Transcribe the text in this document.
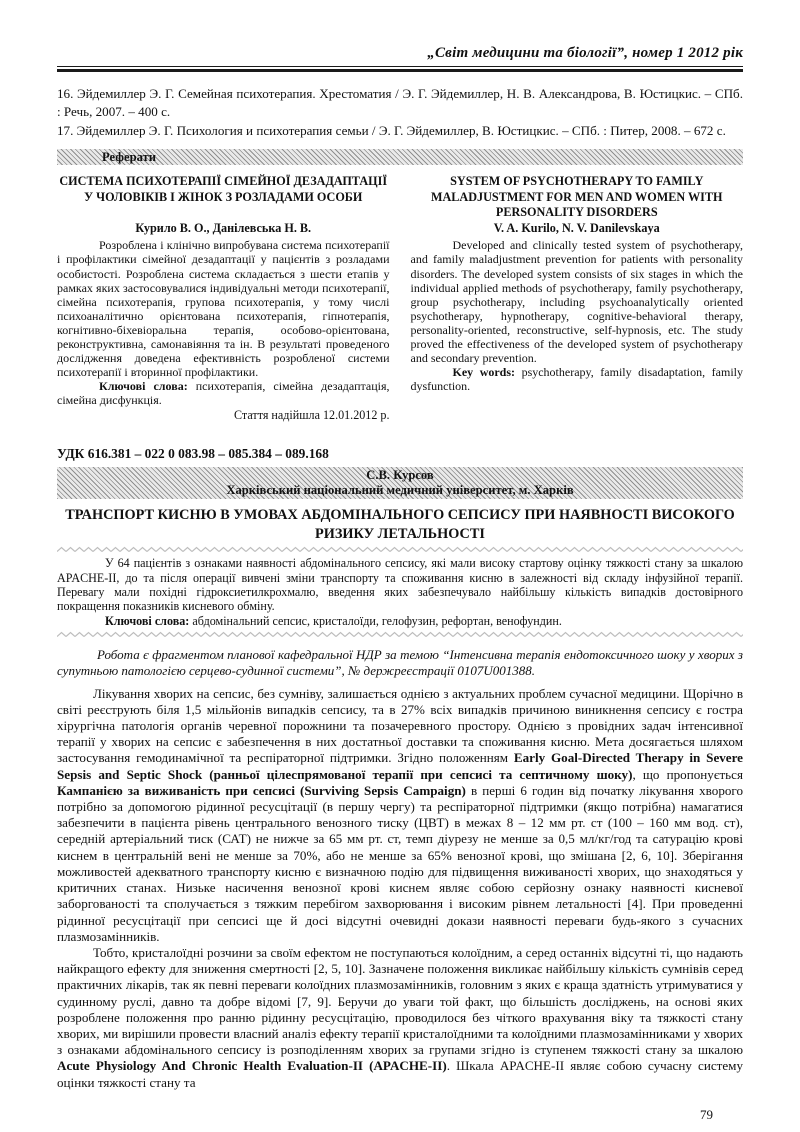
„Світ медицини та біології”, номер 1 2012 рік

16. Эйдемиллер Э. Г. Семейная психотерапия. Хрестоматия / Э. Г. Эйдемиллер, Н. В. Александрова, В. Юстицкис. – СПб. : Речь, 2007. – 400 с.

17. Эйдемиллер Э. Г. Психология и психотерапия семьи / Э. Г. Эйдемиллер, В. Юстицкис. – СПб. : Питер, 2008. – 672 с.

Реферати
СИСТЕМА ПСИХОТЕРАПІЇ СІМЕЙНОЇ ДЕЗАДАПТАЦІЇ У ЧОЛОВІКІВ І ЖІНОК З РОЗЛАДАМИ ОСОБИ
Курило В. О., Данілевська Н. В.

Розроблена і клінічно випробувана система психотерапії і профілактики сімейної дезадаптації у пацієнтів з розладами особистості. Розроблена система складається з шести етапів у рамках яких застосовувалися індивідуальні методи психотерапії, сімейна психотерапія, групова психотерапія, у тому числі психоаналітично орієнтована психотерапія, гіпнотерапія, когнітивно-біхевіоральна терапія, особово-орієнтована, реконструктивна, самонавіяння та ін. В результаті проведеного дослідження доведена ефективність розробленої системи психотерапії і вторинної профілактики.

Ключові слова: психотерапія, сімейна дезадаптація, сімейна дисфункція.

Стаття надійшла 12.01.2012 р.
SYSTEM OF PSYCHOTHERAPY TO FAMILY MALADJUSTMENT FOR MEN AND WOMEN WITH PERSONALITY DISORDERS
V. A. Kurilo, N. V. Danilevskaya

Developed and clinically tested system of psychotherapy, and family maladjustment prevention for patients with personality disorders. The developed system consists of six stages in which the individual applied methods of psychotherapy, family psychotherapy, group psychotherapy, including psychoanalytically oriented psychotherapy, hypnotherapy, cognitive-behavioral therapy, personality-oriented, reconstructive, self-hypnosis, etc. The study proved the effectiveness of the developed system of psychotherapy and secondary prevention.

Key words: psychotherapy, family disadaptation, family dysfunction.

УДК 616.381 – 022 0 083.98 – 085.384 – 089.168
С.В. Курсов
Харківський національний медичний університет, м. Харків
ТРАНСПОРТ КИСНЮ В УМОВАХ АБДОМІНАЛЬНОГО СЕПСИСУ ПРИ НАЯВНОСТІ ВИСОКОГО РИЗИКУ ЛЕТАЛЬНОСТІ

У 64 пацієнтів з ознаками наявності абдомінального сепсису, які мали високу стартову оцінку тяжкості стану за шкалою APACHE-II, до та після операції вивчені зміни транспорту та споживання кисню в залежності від складу інфузійної терапії. Перевагу мали похідні гідроксиетилкрохмалю, введення яких забезпечувало найбільшу кількість випадків достовірного покращення показників кисневого обміну.

Ключові слова: абдомінальний сепсис, кристалоїди, гелофузин, рефортан, венофундин.

Робота є фрагментом планової кафедральної НДР за темою “Інтенсивна терапія ендотоксичного шоку у хворих з супутньою патологією серцево-судинної системи”, № держреєстрації 0107U001388.

Лікування хворих на сепсис, без сумніву, залишається однією з актуальних проблем сучасної медицини. Щорічно в світі реєструють біля 1,5 мільйонів випадків сепсису, та в 27% всіх випадків причиною виникнення сепсису є гостра хірургічна патологія органів черевної порожнини та позачеревного простору. Однією з провідних задач інтенсивної терапії у хворих на сепсис є забезпечення в них достатньої доставки та споживання кисню. Мета досягається шляхом застосування гемодинамічної та респіраторної підтримки. Згідно положенням Early Goal-Directed Therapy in Severe Sepsis and Septic Shock (ранньої цілеспрямованої терапії при сепсисі та септичному шоку), що пропонується Кампанією за виживаність при сепсисі (Surviving Sepsis Campaign) в перші 6 годин від початку лікування хворого потрібно за допомогою рідинної ресусцітації (в першу чергу) та респіраторної підтримки (якщо потрібна) намагатися забезпечити в пацієнта рівень центрального венозного тиску (ЦВТ) в межах 8 – 12 мм рт. ст (100 – 160 мм вод. ст), середній артеріальний тиск (САТ) не нижче за 65 мм рт. ст, темп діурезу не менше за 0,5 мл/кг/год та сатурацію крові киснем в центральній вені не менше за 70%, або не менше за 65% венозної крові, що змішана [2, 6, 10]. Зберігання можливостей адекватного транспорту кисню є визначною подію для підвищення виживаності хворих, що знаходяться у критичних станах. Низьке насичення венозної крові киснем являє собою серйозну ознаку наявності кисневої заборгованості та сполучається з тяжким перебігом захворювання і високим рівнем летальності [4]. При проведенні рідинної ресусцітації при сепсисі ще й досі відсутні очевидні докази наявності переваги будь-якого з сучасних плазмозамінників.

Тобто, кристалоїдні розчини за своїм ефектом не поступаються колоїдним, а серед останніх відсутні ті, що надають найкращого ефекту для зниження смертності [2, 5, 10]. Зазначене положення викликає найбільшу кількість сумнівів серед практичних лікарів, так як певні переваги колоїдних плазмозамінників, головним з яких є краща здатність утримуватися у судинному руслі, давно та добре відомі [7, 9]. Беручи до уваги той факт, що більшість досліджень, на основі яких розроблене положення про ранню рідинну ресусцітацію, проводилося без чіткого врахування віку та тяжкості стану хворих, ми вирішили провести власний аналіз ефекту терапії кристалоїдними та колоїдними плазмозамінниками у хворих з ознаками абдомінального сепсису із розподіленням хворих за групами згідно із ступенем тяжкості стану за шкалою Acute Physiology And Chronic Health Evaluation-II (APACHE-II). Шкала APACHE-II являє собою сучасну систему оцінки тяжкості стану та

79
